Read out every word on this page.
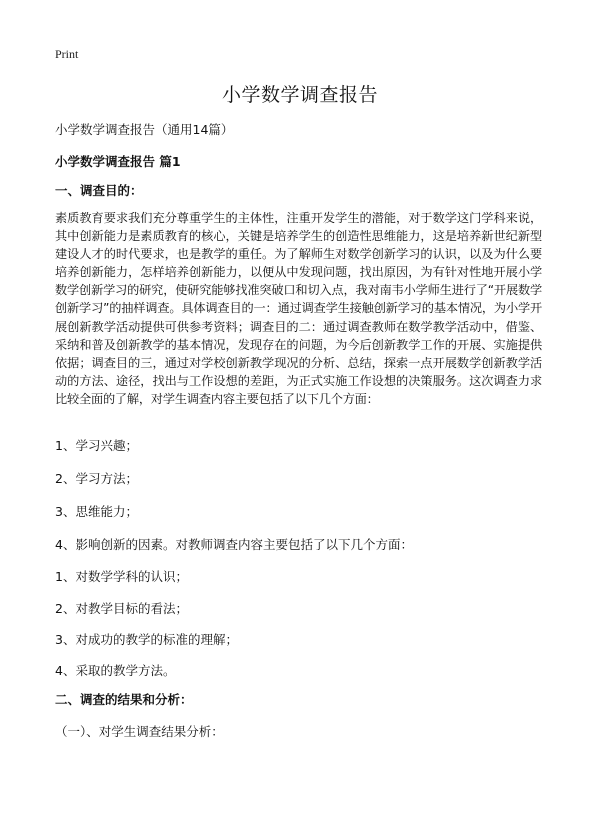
Print
小学数学调查报告
小学数学调查报告（通用14篇）
小学数学调查报告 篇1
一、调查目的：

素质教育要求我们充分尊重学生的主体性，注重开发学生的潜能，对于数学这门学科来说，其中创新能力是素质教育的核心，关键是培养学生的创造性思维能力，这是培养新世纪新型建设人才的时代要求，也是教学的重任。为了解师生对数学创新学习的认识，以及为什么要培养创新能力，怎样培养创新能力，以便从中发现问题，找出原因，为有针对性地开展小学数学创新学习的研究，使研究能够找准突破口和切入点，我对南韦小学师生进行了“开展数学创新学习”的抽样调查。具体调查目的一：通过调查学生接触创新学习的基本情况，为小学开展创新教学活动提供可供参考资料；调查目的二：通过调查教师在数学教学活动中，借鉴、采纳和普及创新教学的基本情况，发现存在的问题，为今后创新教学工作的开展、实施提供依据；调查目的三，通过对学校创新教学现况的分析、总结，探索一点开展数学创新教学活动的方法、途径，找出与工作设想的差距，为正式实施工作设想的决策服务。这次调查力求比较全面的了解，对学生调查内容主要包括了以下几个方面：

1、学习兴趣；
2、学习方法；
3、思维能力；
4、影响创新的因素。对教师调查内容主要包括了以下几个方面：
1、对数学学科的认识；
2、对教学目标的看法；
3、对成功的教学的标准的理解；
4、采取的教学方法。
二、调查的结果和分析：
（一）、对学生调查结果分析：
